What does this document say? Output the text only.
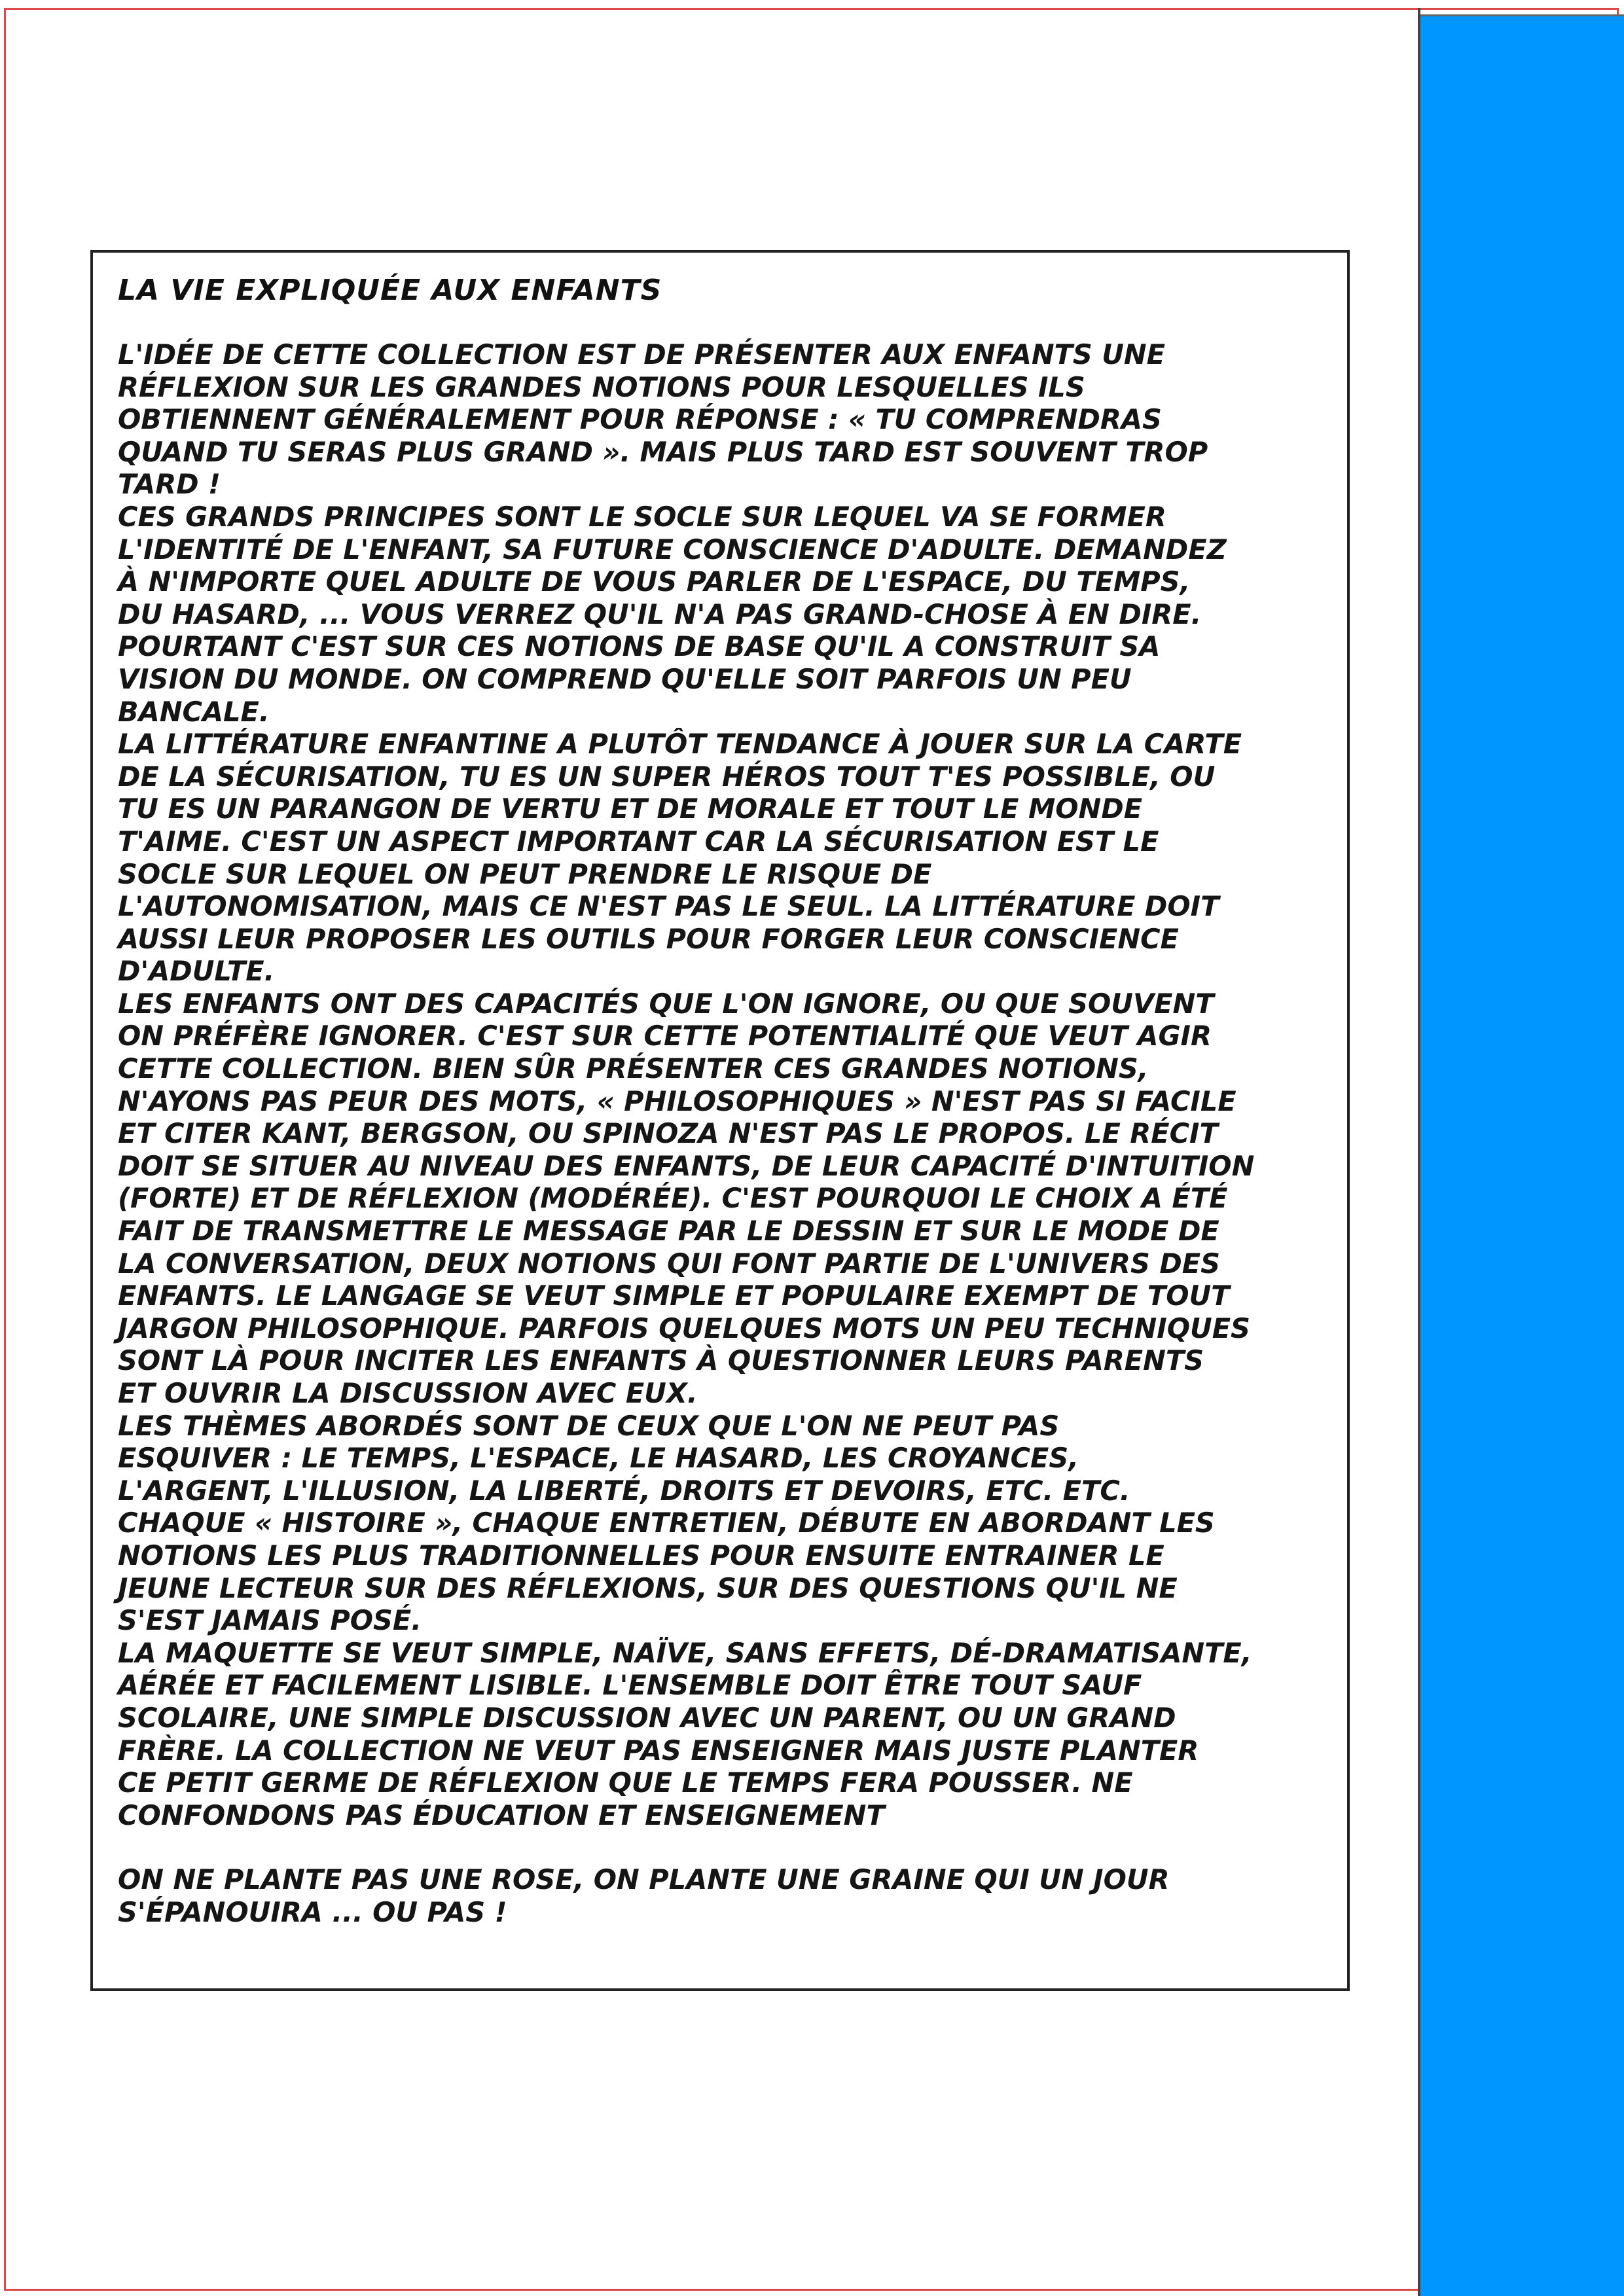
LA VIE EXPLIQUÉE AUX ENFANTS

L'IDÉE DE CETTE COLLECTION EST DE PRÉSENTER AUX ENFANTS UNE
RÉFLEXION SUR LES GRANDES NOTIONS POUR LESQUELLES ILS
OBTIENNENT GÉNÉRALEMENT POUR RÉPONSE : « TU COMPRENDRAS
QUAND TU SERAS PLUS GRAND ». MAIS PLUS TARD EST SOUVENT TROP
TARD !

CES GRANDS PRINCIPES SONT LE SOCLE SUR LEQUEL VA SE FORMER
L'IDENTITÉ DE L'ENFANT, SA FUTURE CONSCIENCE D'ADULTE. DEMANDEZ
À N'IMPORTE QUEL ADULTE DE VOUS PARLER DE L'ESPACE, DU TEMPS,
DU HASARD, ... VOUS VERREZ QU'IL N'A PAS GRAND-CHOSE À EN DIRE.
POURTANT C'EST SUR CES NOTIONS DE BASE QU'IL A CONSTRUIT SA
VISION DU MONDE. ON COMPREND QU'ELLE SOIT PARFOIS UN PEU
BANCALE.

LA LITTÉRATURE ENFANTINE A PLUTÔT TENDANCE À JOUER SUR LA CARTE
DE LA SÉCURISATION, TU ES UN SUPER HÉROS TOUT T'ES POSSIBLE, OU
TU ES UN PARANGON DE VERTU ET DE MORALE ET TOUT LE MONDE
T'AIME. C'EST UN ASPECT IMPORTANT CAR LA SÉCURISATION EST LE
SOCLE SUR LEQUEL ON PEUT PRENDRE LE RISQUE DE
L'AUTONOMISATION, MAIS CE N'EST PAS LE SEUL. LA LITTÉRATURE DOIT
AUSSI LEUR PROPOSER LES OUTILS POUR FORGER LEUR CONSCIENCE
D'ADULTE.

LES ENFANTS ONT DES CAPACITÉS QUE L'ON IGNORE, OU QUE SOUVENT
ON PRÉFÈRE IGNORER. C'EST SUR CETTE POTENTIALITÉ QUE VEUT AGIR
CETTE COLLECTION. BIEN SÛR PRÉSENTER CES GRANDES NOTIONS,
N'AYONS PAS PEUR DES MOTS, « PHILOSOPHIQUES » N'EST PAS SI FACILE
ET CITER KANT, BERGSON, OU SPINOZA N'EST PAS LE PROPOS. LE RÉCIT
DOIT SE SITUER AU NIVEAU DES ENFANTS, DE LEUR CAPACITÉ D'INTUITION
(FORTE) ET DE RÉFLEXION (MODÉRÉE). C'EST POURQUOI LE CHOIX A ÉTÉ
FAIT DE TRANSMETTRE LE MESSAGE PAR LE DESSIN ET SUR LE MODE DE
LA CONVERSATION, DEUX NOTIONS QUI FONT PARTIE DE L'UNIVERS DES
ENFANTS. LE LANGAGE SE VEUT SIMPLE ET POPULAIRE EXEMPT DE TOUT
JARGON PHILOSOPHIQUE. PARFOIS QUELQUES MOTS UN PEU TECHNIQUES
SONT LÀ POUR INCITER LES ENFANTS À QUESTIONNER LEURS PARENTS
ET OUVRIR LA DISCUSSION AVEC EUX.

LES THÈMES ABORDÉS SONT DE CEUX QUE L'ON NE PEUT PAS
ESQUIVER : LE TEMPS, L'ESPACE, LE HASARD, LES CROYANCES,
L'ARGENT, L'ILLUSION, LA LIBERTÉ, DROITS ET DEVOIRS, ETC. ETC.
CHAQUE « HISTOIRE », CHAQUE ENTRETIEN, DÉBUTE EN ABORDANT LES
NOTIONS LES PLUS TRADITIONNELLES POUR ENSUITE ENTRAINER LE
JEUNE LECTEUR SUR DES RÉFLEXIONS, SUR DES QUESTIONS QU'IL NE
S'EST JAMAIS POSÉ.

LA MAQUETTE SE VEUT SIMPLE, NAÏVE, SANS EFFETS, DÉ-DRAMATISANTE,
AÉRÉE ET FACILEMENT LISIBLE. L'ENSEMBLE DOIT ÊTRE TOUT SAUF
SCOLAIRE, UNE SIMPLE DISCUSSION AVEC UN PARENT, OU UN GRAND
FRÈRE. LA COLLECTION NE VEUT PAS ENSEIGNER MAIS JUSTE PLANTER
CE PETIT GERME DE RÉFLEXION QUE LE TEMPS FERA POUSSER. NE
CONFONDONS PAS ÉDUCATION ET ENSEIGNEMENT

ON NE PLANTE PAS UNE ROSE, ON PLANTE UNE GRAINE QUI UN JOUR
S'ÉPANOUIRA ... OU PAS !
